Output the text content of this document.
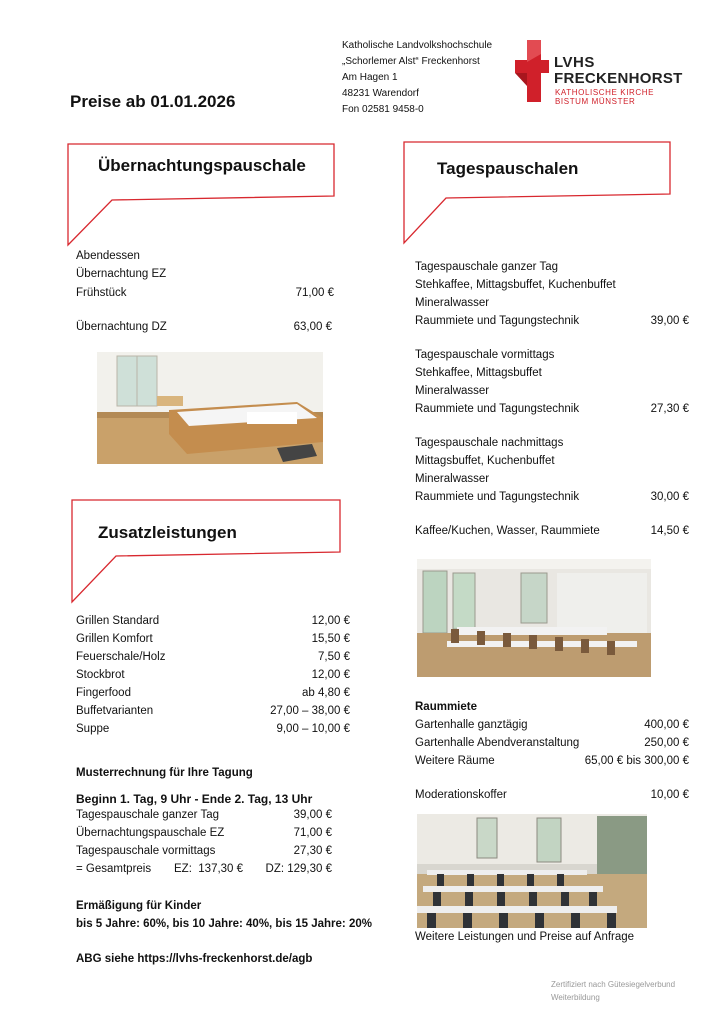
Katholische Landvolkshochschule
„Schorlemer Alst“ Freckenhorst
Am Hagen 1
48231 Warendorf
Fon 02581 9458-0
LVHS
FRECKENHORST
KATHOLISCHE KIRCHE
BISTUM MÜNSTER
Preise ab 01.01.2026
Übernachtungspauschale
Abendessen
Übernachtung EZ
Frühstück	71,00 €
Übernachtung DZ	63,00 €
Zusatzleistungen
Grillen Standard	12,00 €
Grillen Komfort	15,50 €
Feuerschale/Holz	7,50 €
Stockbrot	12,00 €
Fingerfood	ab 4,80 €
Buffetvarianten	27,00 – 38,00 €
Suppe	9,00 – 10,00 €
Musterrechnung für Ihre Tagung
Beginn 1. Tag, 9 Uhr - Ende 2. Tag, 13 Uhr
Tagespauschale ganzer Tag	39,00 €
Übernachtungspauschale EZ	71,00 €
Tagespauschale vormittags	27,30 €
= Gesamtpreis EZ:  137,30 € DZ: 129,30 €
Ermäßigung für Kinder
bis 5 Jahre: 60%, bis 10 Jahre: 40%, bis 15 Jahre: 20%
ABG siehe https://lvhs-freckenhorst.de/agb
Tagespauschalen
Tagespauschale ganzer Tag
Stehkaffee, Mittagsbuffet, Kuchenbuffet
Mineralwasser
Raummiete und Tagungstechnik	39,00 €
Tagespauschale vormittags
Stehkaffee, Mittagsbuffet
Mineralwasser
Raummiete und Tagungstechnik	27,30 €
Tagespauschale nachmittags
Mittagsbuffet, Kuchenbuffet
Mineralwasser
Raummiete und Tagungstechnik	30,00 €
Kaffee/Kuchen, Wasser, Raummiete	14,50 €
Raummiete
Gartenhalle ganztägig	400,00 €
Gartenhalle Abendveranstaltung	250,00 €
Weitere Räume	65,00 € bis 300,00 €
Moderationskoffer	10,00 €
Weitere Leistungen und Preise auf Anfrage
Zertifiziert nach Gütesiegelverbund
Weiterbildung
